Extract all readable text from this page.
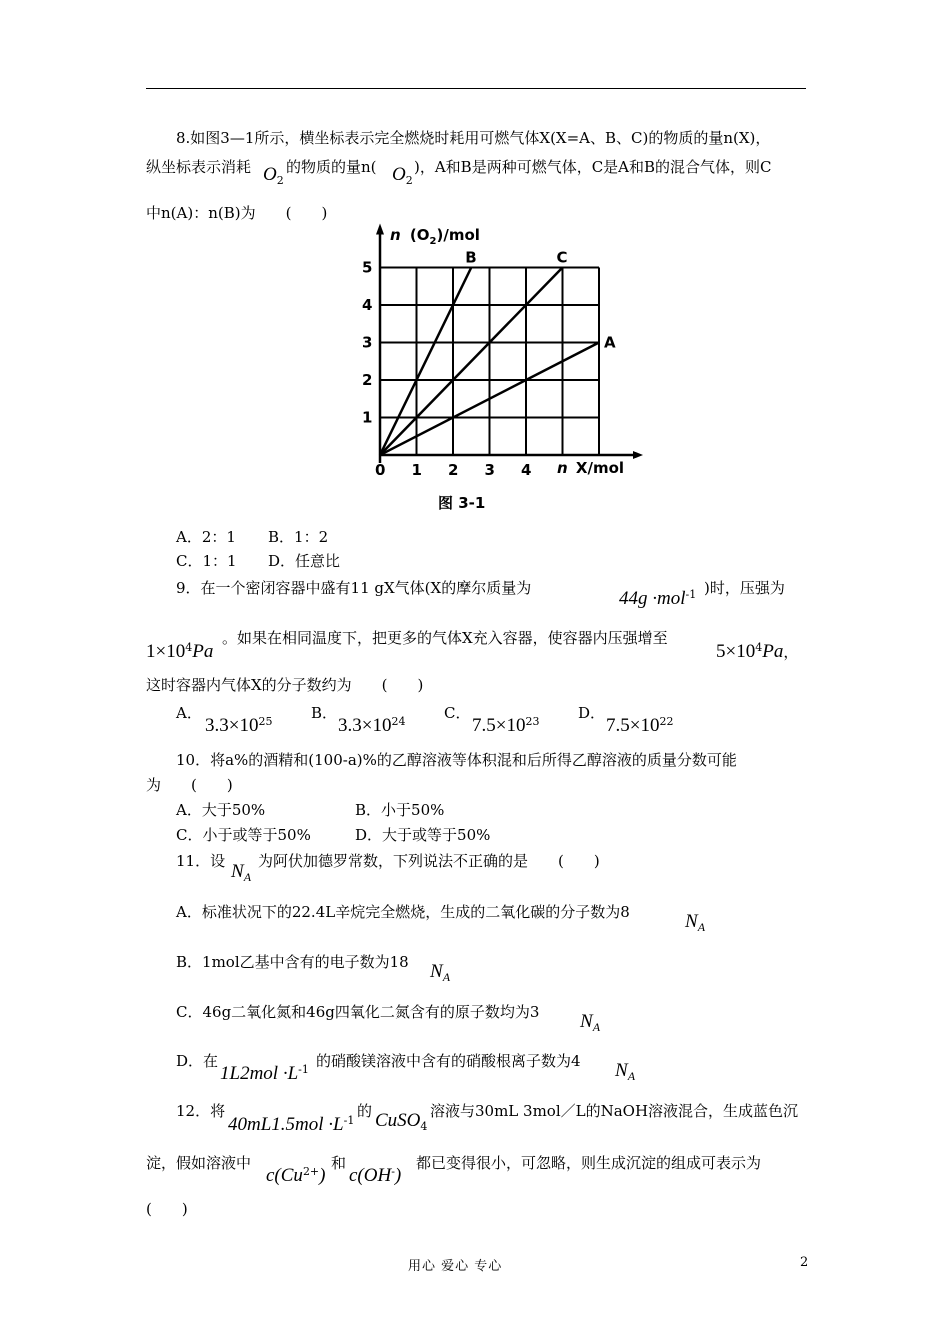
8.如图3—1所示，横坐标表示完全燃烧时耗用可燃气体X(X=A、B、C)的物质的量n(X)，
纵坐标表示消耗 $O_2$
的物质的量n( $O_2$
)，A和B是两种可燃气体，C是A和B的混合气体，则C
中n(A)：n(B)为　　(　　)
B	C
A
0 1 2 3 4
1
2
3
4
5
n $(O_2)$/mol
n X/mol
图 3-1
A．2：1 B．1：2
C．1：1 D．任意比
9．在一个密闭容器中盛有11 gX气体(X的摩尔质量为	44g ·mol$^{-1}$ )时，压强为
$1\times 10^4Pa$
。如果在相同温度下，把更多的气体X充入容器，使容器内压强增至
$5\times 10^4Pa$，
这时容器内气体X的分子数约为　　(　　)
A．
$3.3\times 10^{25}$	B．
$3.3\times 10^{24}$	C．
$7.5\times 10^{23}$	D．
$7.5\times 10^{22}$
10．将a%的酒精和(100-a)%的乙醇溶液等体积混和后所得乙醇溶液的质量分数可能
为　　(　　)
A．大于50%	B．小于50%
C．小于或等于50%	D．大于或等于50%
11．设 $N_A$
为阿伏加德罗常数，下列说法不正确的是　　(　　)
A．标准状况下的22.4L辛烷完全燃烧，生成的二氧化碳的分子数为8	$N_A$
B．1mol乙基中含有的电子数为18 $N_A$
C．46g二氧化氮和46g四氧化二氮含有的原子数均为3 $N_A$
D．在
$1L2mol \cdot L^{-1}$ 的硝酸镁溶液中含有的硝酸根离子数为4 $N_A$
12．将
$40mL1.5mol \cdot L^{-1}$
的 CuSO$_4$
溶液与30mL 3mol／L的NaOH溶液混合，生成蓝色沉
淀，假如溶液中
$c(Cu^{2+})$
和
c(OH-)
都已变得很小，可忽略，则生成沉淀的组成可表示为
(　　)
用心 爱心 专心	2
